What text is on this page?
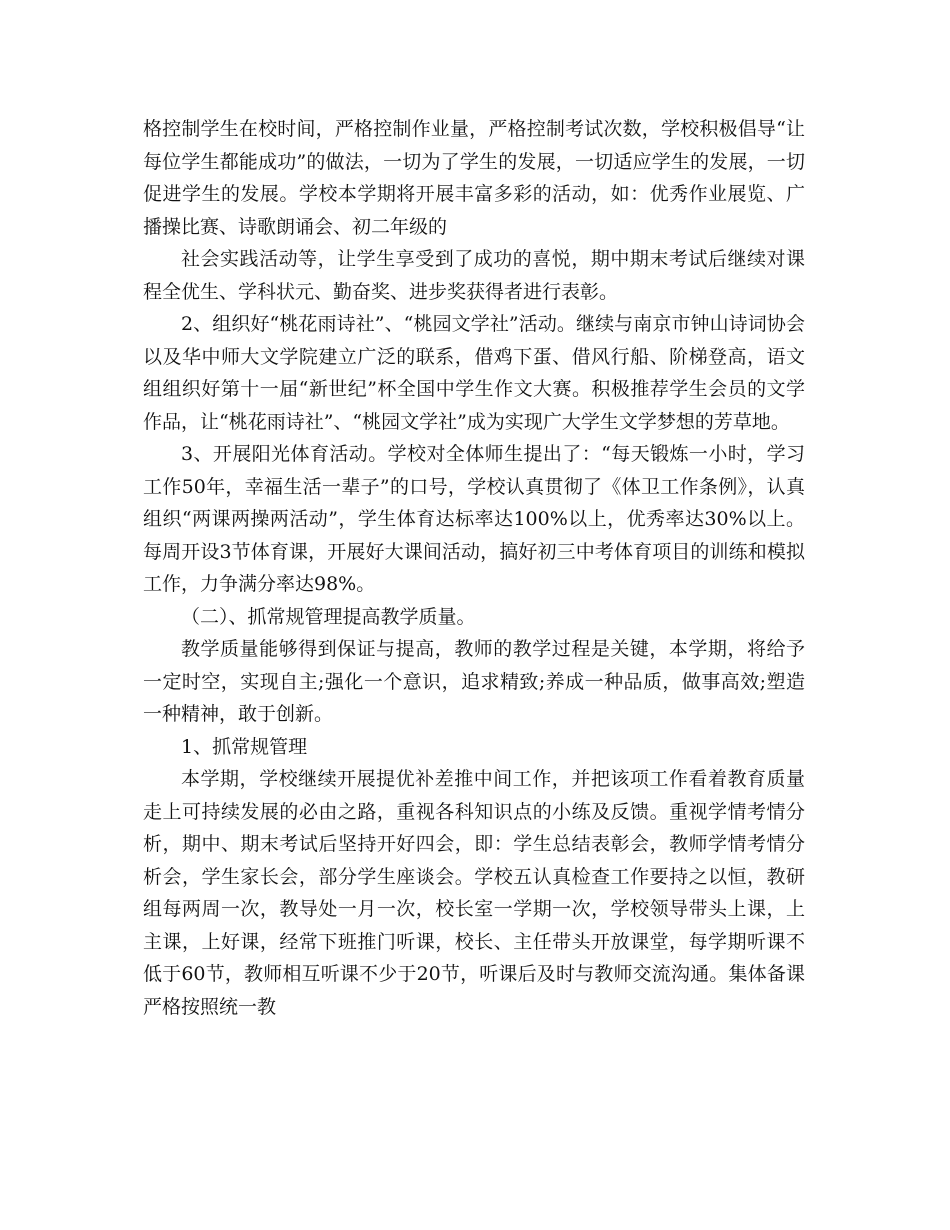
格控制学生在校时间，严格控制作业量，严格控制考试次数，学校积极倡导“让每位学生都能成功”的做法，一切为了学生的发展，一切适应学生的发展，一切促进学生的发展。学校本学期将开展丰富多彩的活动，如：优秀作业展览、广播操比赛、诗歌朗诵会、初二年级的

社会实践活动等，让学生享受到了成功的喜悦，期中期末考试后继续对课程全优生、学科状元、勤奋奖、进步奖获得者进行表彰。

2、组织好“桃花雨诗社”、“桃园文学社”活动。继续与南京市钟山诗词协会以及华中师大文学院建立广泛的联系，借鸡下蛋、借风行船、阶梯登高，语文组组织好第十一届“新世纪”杯全国中学生作文大赛。积极推荐学生会员的文学作品，让“桃花雨诗社”、“桃园文学社”成为实现广大学生文学梦想的芳草地。

3、开展阳光体育活动。学校对全体师生提出了：“每天锻炼一小时，学习工作50年，幸福生活一辈子”的口号，学校认真贯彻了《体卫工作条例》，认真组织“两课两操两活动”，学生体育达标率达100%以上，优秀率达30%以上。每周开设3节体育课，开展好大课间活动，搞好初三中考体育项目的训练和模拟工作，力争满分率达98%。

（二）、抓常规管理提高教学质量。

教学质量能够得到保证与提高，教师的教学过程是关键，本学期，将给予一定时空，实现自主;强化一个意识，追求精致;养成一种品质，做事高效;塑造一种精神，敢于创新。

1、抓常规管理

本学期，学校继续开展提优补差推中间工作，并把该项工作看着教育质量走上可持续发展的必由之路，重视各科知识点的小练及反馈。重视学情考情分析，期中、期末考试后坚持开好四会，即：学生总结表彰会，教师学情考情分析会，学生家长会，部分学生座谈会。学校五认真检查工作要持之以恒，教研组每两周一次，教导处一月一次，校长室一学期一次，学校领导带头上课，上主课，上好课，经常下班推门听课，校长、主任带头开放课堂，每学期听课不低于60节，教师相互听课不少于20节，听课后及时与教师交流沟通。集体备课严格按照统一教
